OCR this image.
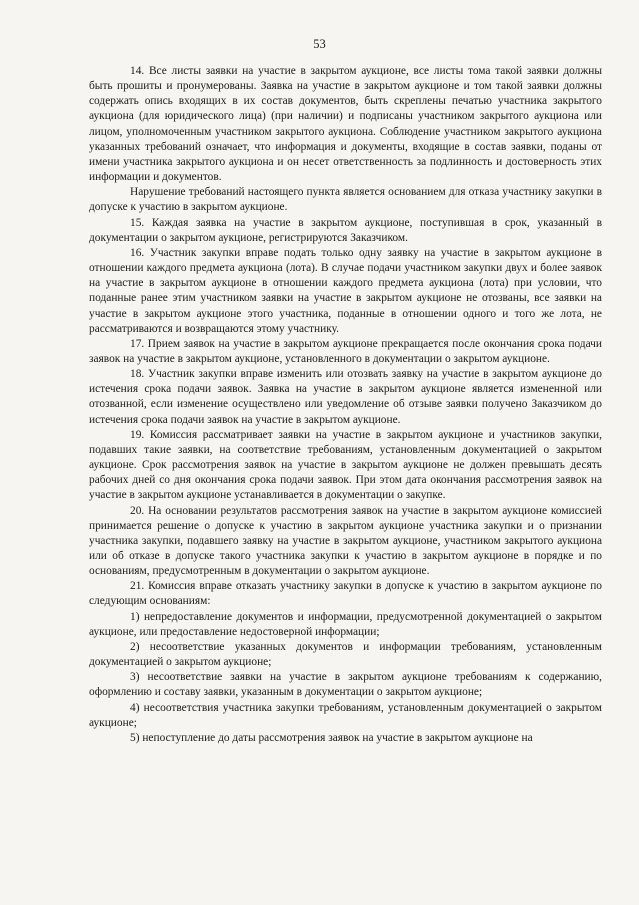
53

14. Все листы заявки на участие в закрытом аукционе, все листы тома такой заявки должны быть прошиты и пронумерованы. Заявка на участие в закрытом аукционе и том такой заявки должны содержать опись входящих в их состав документов, быть скреплены печатью участника закрытого аукциона (для юридического лица) (при наличии) и подписаны участником закрытого аукциона или лицом, уполномоченным участником закрытого аукциона. Соблюдение участником закрытого аукциона указанных требований означает, что информация и документы, входящие в состав заявки, поданы от имени участника закрытого аукциона и он несет ответственность за подлинность и достоверность этих информации и документов.

Нарушение требований настоящего пункта является основанием для отказа участнику закупки в допуске к участию в закрытом аукционе.

15. Каждая заявка на участие в закрытом аукционе, поступившая в срок, указанный в документации о закрытом аукционе, регистрируются Заказчиком.

16. Участник закупки вправе подать только одну заявку на участие в закрытом аукционе в отношении каждого предмета аукциона (лота). В случае подачи участником закупки двух и более заявок на участие в закрытом аукционе в отношении каждого предмета аукциона (лота) при условии, что поданные ранее этим участником заявки на участие в закрытом аукционе не отозваны, все заявки на участие в закрытом аукционе этого участника, поданные в отношении одного и того же лота, не рассматриваются и возвращаются этому участнику.

17. Прием заявок на участие в закрытом аукционе прекращается после окончания срока подачи заявок на участие в закрытом аукционе, установленного в документации о закрытом аукционе.

18. Участник закупки вправе изменить или отозвать заявку на участие в закрытом аукционе до истечения срока подачи заявок. Заявка на участие в закрытом аукционе является измененной или отозванной, если изменение осуществлено или уведомление об отзыве заявки получено Заказчиком до истечения срока подачи заявок на участие в закрытом аукционе.

19. Комиссия рассматривает заявки на участие в закрытом аукционе и участников закупки, подавших такие заявки, на соответствие требованиям, установленным документацией о закрытом аукционе. Срок рассмотрения заявок на участие в закрытом аукционе не должен превышать десять рабочих дней со дня окончания срока подачи заявок. При этом дата окончания рассмотрения заявок на участие в закрытом аукционе устанавливается в документации о закупке.

20. На основании результатов рассмотрения заявок на участие в закрытом аукционе комиссией принимается решение о допуске к участию в закрытом аукционе участника закупки и о признании участника закупки, подавшего заявку на участие в закрытом аукционе, участником закрытого аукциона или об отказе в допуске такого участника закупки к участию в закрытом аукционе в порядке и по основаниям, предусмотренным в документации о закрытом аукционе.

21. Комиссия вправе отказать участнику закупки в допуске к участию в закрытом аукционе по следующим основаниям:

1) непредоставление документов и информации, предусмотренной документацией о закрытом аукционе, или предоставление недостоверной информации;

2) несоответствие указанных документов и информации требованиям, установленным документацией о закрытом аукционе;

3) несоответствие заявки на участие в закрытом аукционе требованиям к содержанию, оформлению и составу заявки, указанным в документации о закрытом аукционе;

4) несоответствия участника закупки требованиям, установленным документацией о закрытом аукционе;

5) непоступление до даты рассмотрения заявок на участие в закрытом аукционе на
